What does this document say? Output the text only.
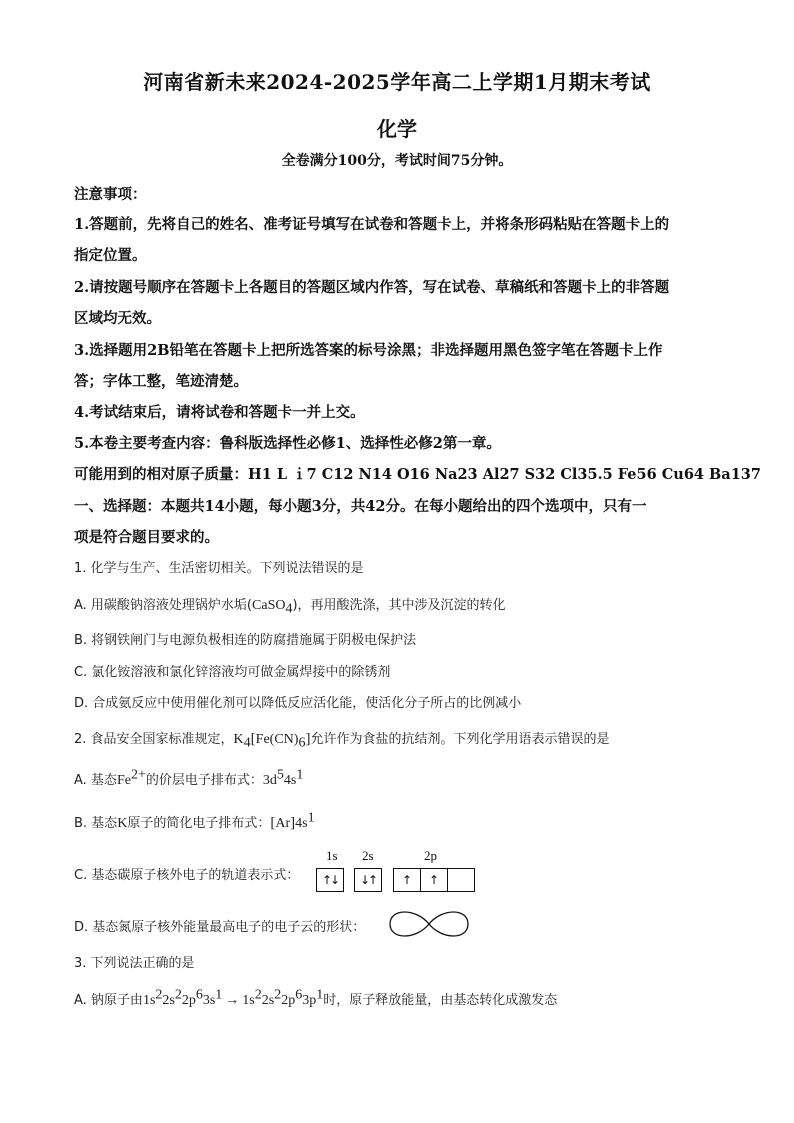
河南省新未来2024-2025学年高二上学期1月期末考试
化学
全卷满分100分，考试时间75分钟。
注意事项：
1.答题前，先将自己的姓名、准考证号填写在试卷和答题卡上，并将条形码粘贴在答题卡上的
指定位置。
2.请按题号顺序在答题卡上各题目的答题区域内作答，写在试卷、草稿纸和答题卡上的非答题
区域均无效。
3.选择题用2B铅笔在答题卡上把所选答案的标号涂黑；非选择题用黑色签字笔在答题卡上作
答；字体工整，笔迹清楚。
4.考试结束后，请将试卷和答题卡一并上交。
5.本卷主要考查内容：鲁科版选择性必修1、选择性必修2第一章。
可能用到的相对原子质量：H1 L ｉ7 C12 N14 O16 Na23 Al27 S32 Cl35.5 Fe56 Cu64 Ba137
一、选择题：本题共14小题，每小题3分，共42分。在每小题给出的四个选项中，只有一
项是符合题目要求的。
1. 化学与生产、生活密切相关。下列说法错误的是
A. 用碳酸钠溶液处理锅炉水垢(CaSO$_4$)，再用酸洗涤，其中涉及沉淀的转化
B. 将钢铁闸门与电源负极相连的防腐措施属于阴极电保护法
C. 氯化铵溶液和氯化锌溶液均可做金属焊接中的除锈剂
D. 合成氨反应中使用催化剂可以降低反应活化能，使活化分子所占的比例减小
2. 食品安全国家标准规定，$K_4[Fe(CN)_6]$允许作为食盐的抗结剂。下列化学用语表示错误的是
A. 基态$Fe^{2+}$的价层电子排布式：$3d^54s^1$
B. 基态K原子的简化电子排布式：$[Ar]4s^1$
C. 基态碳原子核外电子的轨道表示式：
1s 2s	2p
↑↓ ↓↑	↑	↑
D. 基态氮原子核外能量最高电子的电子云的形状：
3. 下列说法正确的是
A. 钠原子由$1s^22s^22p^63s^1 \to 1s^22s^22p^63p^1$时，原子释放能量，由基态转化成激发态
